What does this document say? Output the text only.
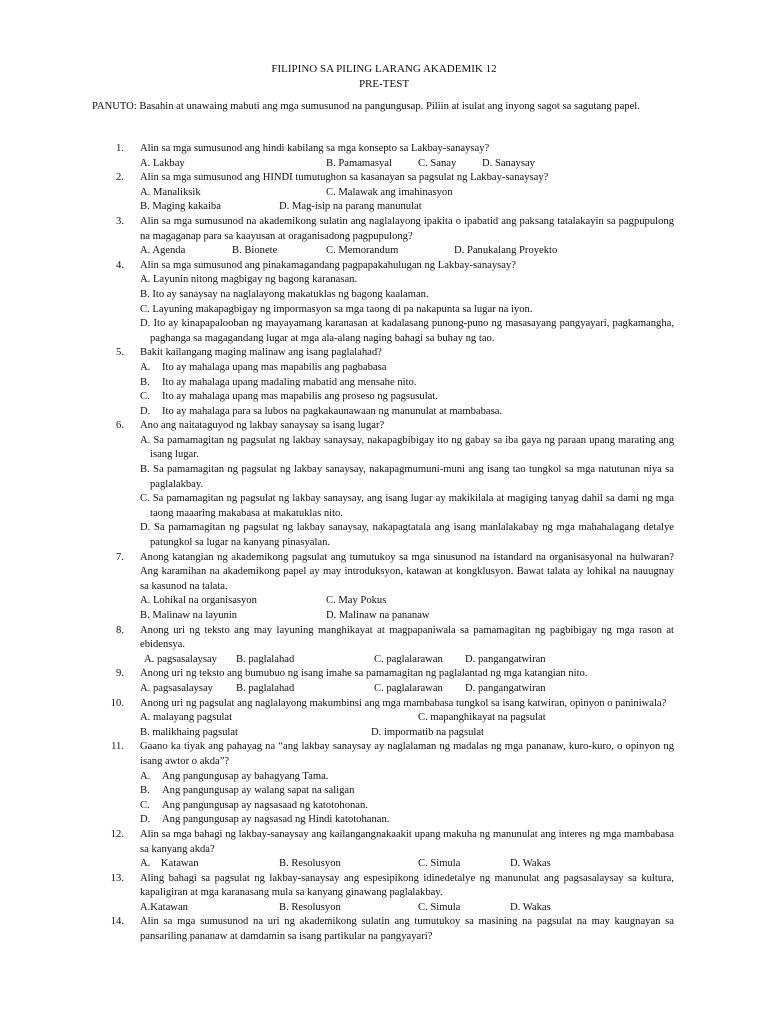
FILIPINO SA PILING LARANG AKADEMIK 12
PRE-TEST
PANUTO: Basahin at unawaing mabuti ang mga sumusunod na pangungusap. Piliin at isulat ang inyong sagot sa sagutang papel.
1. Alin sa mga sumusunod ang hindi kabilang sa mga konsepto sa Lakbay-sanaysay?
A. Lakbay	B. Pamamasyal C. Sanay D. Sanaysay
2. Alin sa mga sumusunod ang HINDI tumutughon sa kasanayan sa pagsulat ng Lakbay-sanaysay?
A. Manaliksik	C. Malawak ang imahinasyon
B. Maging kakaiba	D. Mag-isip na parang manunulat
3. Alin sa mga sumusunod na akademikong sulatin ang naglalayong ipakita o ipabatid ang paksang tatalakayin sa pagpupulong na magaganap para sa kaayusan at oraganisadong pagpupulong?
A. Agenda	B. Bionete	C. Memorandum	D. Panukalang Proyekto
4. Alin sa mga sumusunod ang pinakamagandang pagpapakahulugan ng Lakbay-sanaysay?
A. Layunin nitong magbigay ng bagong karanasan.
B. Ito ay sanaysay na naglalayong makatuklas ng bagong kaalaman.
C. Layuning makapagbigay ng impormasyon sa mga taong di pa nakapunta sa lugar na iyon.
D. Ito ay kinapapalooban ng mayayamang karanasan at kadalasang punong-puno ng masasayang pangyayari, pagkamangha, paghanga sa magagandang lugar at mga ala-alang naging bahagi sa buhay ng tao.
5. Bakit kailangang maging malinaw ang isang paglalahad?
A.	Ito ay mahalaga upang mas mapabilis ang pagbabasa
B.	Ito ay mahalaga upang madaling mabatid ang mensahe nito.
C.	Ito ay mahalaga upang mas mapabilis ang proseso ng pagsusulat.
D.	Ito ay mahalaga para sa lubos na pagkakaunawaan ng manunulat at mambabasa.
6. Ano ang naitataguyod ng lakbay sanaysay sa isang lugar?
A. Sa pamamagitan ng pagsulat ng lakbay sanaysay, nakapagbibigay ito ng gabay sa iba gaya ng paraan upang marating ang isang lugar.
B. Sa pamamagitan ng pagsulat ng lakbay sanaysay, nakapagmumuni-muni ang isang tao tungkol sa mga natutunan niya sa paglalakbay.
C. Sa pamamagitan ng pagsulat ng lakbay sanaysay, ang isang lugar ay makikilala at magiging tanyag dahil sa dami ng mga taong maaaring makabasa at makatuklas nito.
D. Sa pamamagitan ng pagsulat ng lakbay sanaysay, nakapagtatala ang isang manlalakabay ng mga mahahalagang detalye patungkol sa lugar na kanyang pinasyalan.
7. Anong katangian ng akademikong pagsulat ang tumutukoy sa mga sinusunod na istandard na organisasyonal na hulwaran? Ang karamihan na akademikong papel ay may introduksyon, katawan at kongklusyon. Bawat talata ay lohikal na nauugnay sa kasunod na talata.
A. Lohikal na organisasyon	C. May Pokus
B. Malinaw na layunin	D. Malinaw na pananaw
8. Anong uri ng teksto ang may layuning manghikayat at magpapaniwala sa pamamagitan ng pagbibigay ng mga rason at ebidensya.
A. pagsasalaysay B. paglalahad	C. paglalarawan D. pangangatwiran
9. Anong uri ng teksto ang bumubuo ng isang imahe sa pamamagitan ng paglalantad ng mga katangian nito.
A. pagsasalaysay B. paglalahad	C. paglalarawan D. pangangatwiran
10. Anong uri ng pagsulat ang naglalayong makumbinsi ang mga mambabasa tungkol sa isang katwiran, opinyon o paniniwala?
A. malayang pagsulat	C. mapanghikayat na pagsulat
B. malikhaing pagsulat	D. impormatib na pagsulat
11. Gaano ka tiyak ang pahayag na “ang lakbay sanaysay ay naglalaman ng madalas ng mga pananaw, kuro-kuro, o opinyon ng isang awtor o akda”?
A.	Ang pangungusap ay bahagyang Tama.
B.	Ang pangungusap ay walang sapat na saligan
C.	Ang pangungusap ay nagsasaad ng katotohonan.
D.	Ang pangungusap ay nagsasad ng Hindi katotohanan.
12. Alin sa mga bahagi ng lakbay-sanaysay ang kailangangnakaakit upang makuha ng manunulat ang interes ng mga mambabasa sa kanyang akda?
A.    Katawan	B. Resolusyon	C. Simula	D. Wakas
13. Aling bahagi sa pagsulat ng lakbay-sanaysay ang espesipikong idinedetalye ng manunulat ang pagsasalaysay sa kultura, kapaligiran at mga karanasang mula sa kanyang ginawang paglalakbay.
A.Katawan	B. Resolusyon	C. Simula	D. Wakas
14. Alin sa mga sumusunod na uri ng akademikong sulatin ang tumutukoy sa masining na pagsulat na may kaugnayan sa pansariling pananaw at damdamin sa isang partikular na pangyayari?
